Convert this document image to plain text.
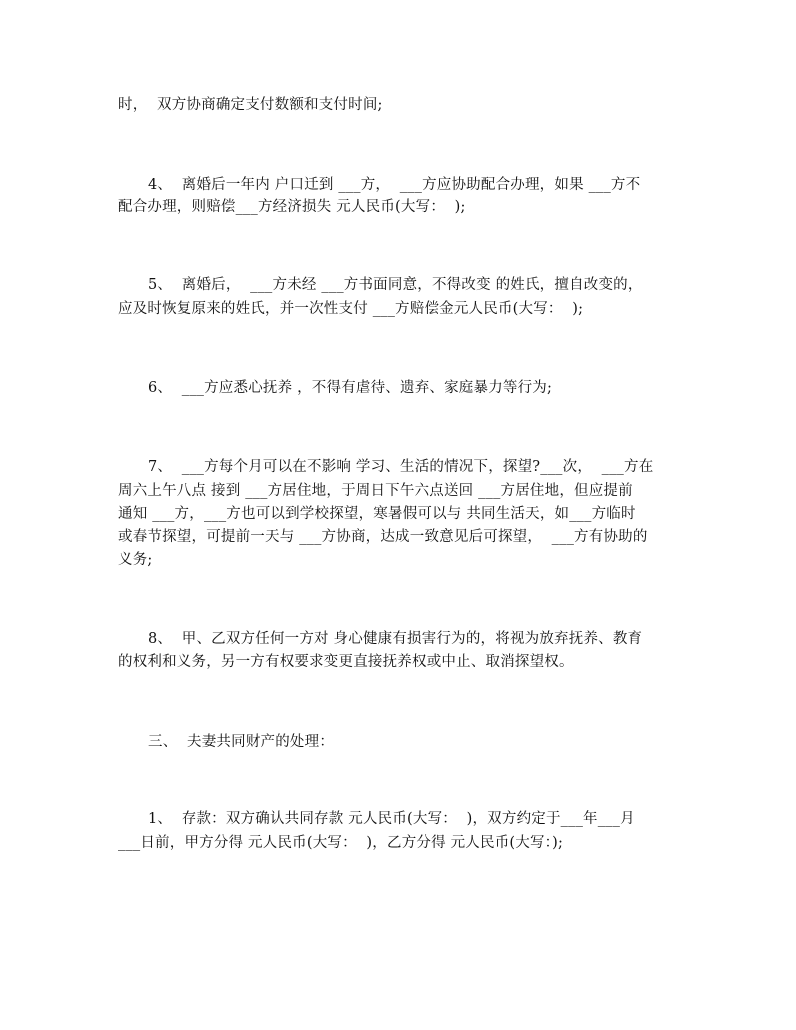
时，  双方协商确定支付数额和支付时间;
4、  离婚后一年内 户口迁到 ___方，  ___方应协助配合办理，如果 ___方不
配合办理，则赔偿___方经济损失 元人民币(大写：  );
5、  离婚后，  ___方未经 ___方书面同意，不得改变 的姓氏，擅自改变的，
应及时恢复原来的姓氏，并一次性支付 ___方赔偿金元人民币(大写：  );
6、  ___方应悉心抚养 ，不得有虐待、遗弃、家庭暴力等行为;
7、  ___方每个月可以在不影响 学习、生活的情况下，探望?___次，  ___方在
周六上午八点 接到 ___方居住地，于周日下午六点送回 ___方居住地，但应提前
通知 ___方，___方也可以到学校探望，寒暑假可以与 共同生活天，如___方临时
或春节探望，可提前一天与 ___方协商，达成一致意见后可探望，  ___方有协助的
义务;
8、  甲、乙双方任何一方对 身心健康有损害行为的，将视为放弃抚养、教育
的权利和义务，另一方有权要求变更直接抚养权或中止、取消探望权。
三、  夫妻共同财产的处理：
1、  存款：双方确认共同存款 元人民币(大写：  )，双方约定于___年___月
___日前，甲方分得 元人民币(大写：  )，乙方分得 元人民币(大写：);
